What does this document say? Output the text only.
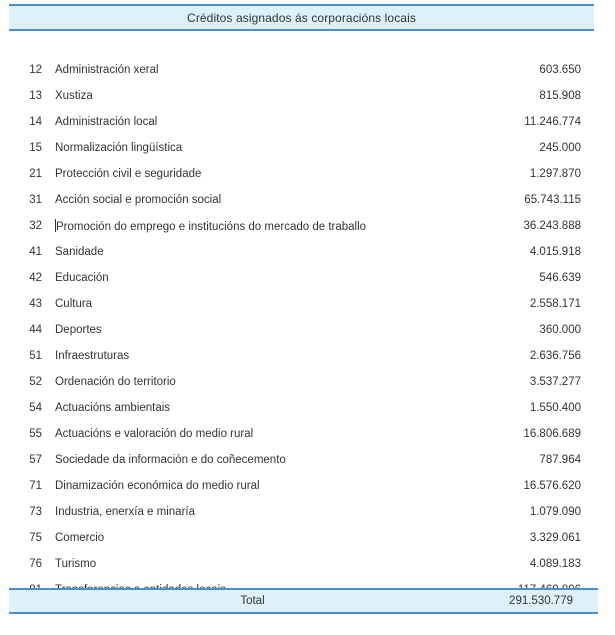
Créditos asignados ás corporacións locais
12	Administración xeral	603.650
13	Xustiza	815.908
14	Administración local	11.246.774
15	Normalización lingüística	245.000
21	Protección civil e seguridade	1.297.870
31	Acción social e promoción social	65.743.115
32	Promoción do emprego e institucións do mercado de traballo	36.243.888
41	Sanidade	4.015.918
42	Educación	546.639
43	Cultura	2.558.171
44	Deportes	360.000
51	Infraestruturas	2.636.756
52	Ordenación do territorio	3.537.277
54	Actuacións ambientais	1.550.400
55	Actuacións e valoración do medio rural	16.806.689
57	Sociedade da información e do coñecemento	787.964
71	Dinamización económica do medio rural	16.576.620
73	Industria, enerxía e minaría	1.079.090
75	Comercio	3.329.061
76	Turismo	4.089.183
Total	291.530.779
